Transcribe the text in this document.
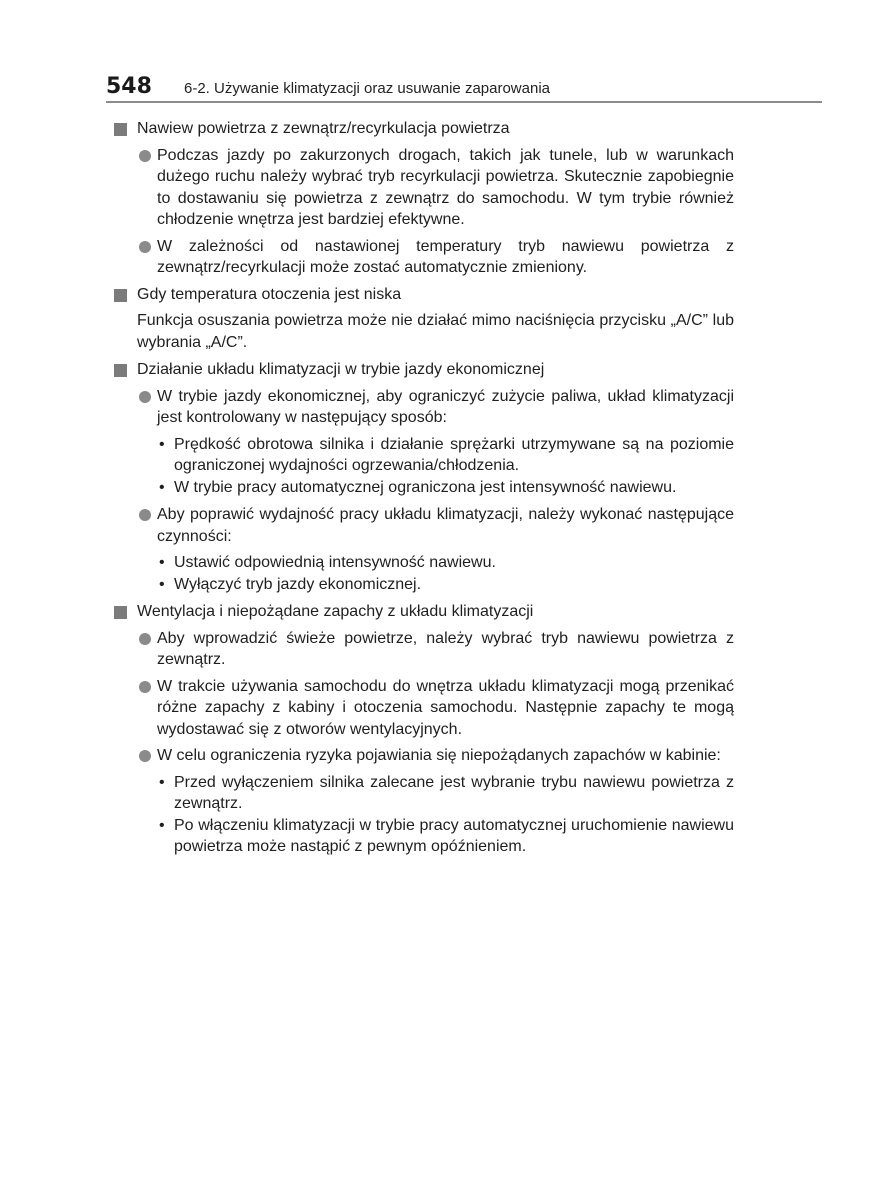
548 6-2. Używanie klimatyzacji oraz usuwanie zaparowania
Nawiew powietrza z zewnątrz/recyrkulacja powietrza
Podczas jazdy po zakurzonych drogach, takich jak tunele, lub w warunkach dużego ruchu należy wybrać tryb recyrkulacji powietrza. Skutecznie zapobiegnie to dostawaniu się powietrza z zewnątrz do samochodu. W tym trybie również chłodzenie wnętrza jest bardziej efektywne.
W zależności od nastawionej temperatury tryb nawiewu powietrza z zewnątrz/recyrkulacji może zostać automatycznie zmieniony.
Gdy temperatura otoczenia jest niska
Funkcja osuszania powietrza może nie działać mimo naciśnięcia przycisku „A/C” lub wybrania „A/C”.
Działanie układu klimatyzacji w trybie jazdy ekonomicznej
W trybie jazdy ekonomicznej, aby ograniczyć zużycie paliwa, układ klimatyzacji jest kontrolowany w następujący sposób:
• Prędkość obrotowa silnika i działanie sprężarki utrzymywane są na poziomie ograniczonej wydajności ogrzewania/chłodzenia.
• W trybie pracy automatycznej ograniczona jest intensywność nawiewu.
Aby poprawić wydajność pracy układu klimatyzacji, należy wykonać następujące czynności:
• Ustawić odpowiednią intensywność nawiewu.
• Wyłączyć tryb jazdy ekonomicznej.
Wentylacja i niepożądane zapachy z układu klimatyzacji
Aby wprowadzić świeże powietrze, należy wybrać tryb nawiewu powietrza z zewnątrz.
W trakcie używania samochodu do wnętrza układu klimatyzacji mogą przenikać różne zapachy z kabiny i otoczenia samochodu. Następnie zapachy te mogą wydostawać się z otworów wentylacyjnych.
W celu ograniczenia ryzyka pojawiania się niepożądanych zapachów w kabinie:
• Przed wyłączeniem silnika zalecane jest wybranie trybu nawiewu powietrza z zewnątrz.
• Po włączeniu klimatyzacji w trybie pracy automatycznej uruchomienie nawiewu powietrza może nastąpić z pewnym opóźnieniem.
